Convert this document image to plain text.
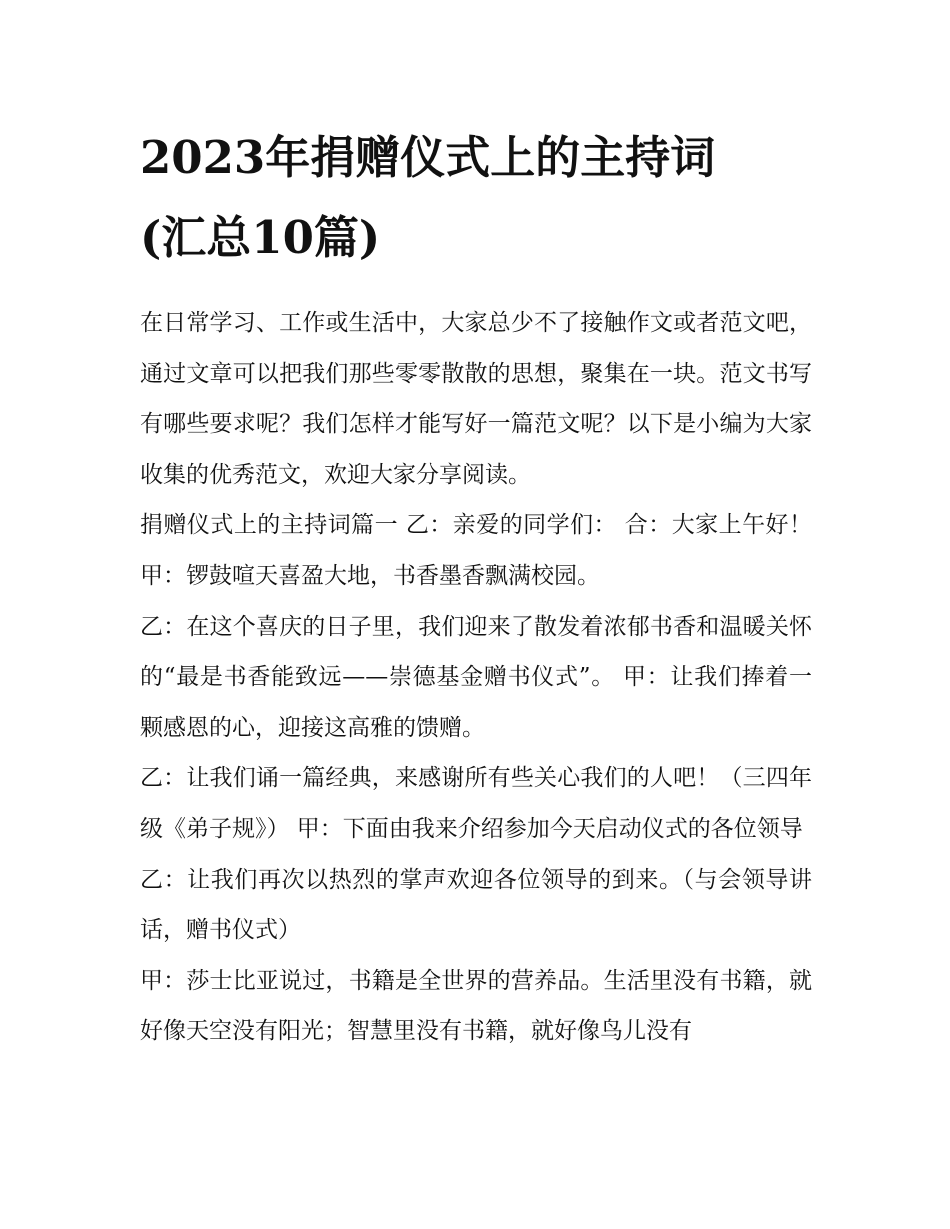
2023年捐赠仪式上的主持词
(汇总10篇)

在日常学习、工作或生活中，大家总少不了接触作文或者范文吧，通过文章可以把我们那些零零散散的思想，聚集在一块。范文书写有哪些要求呢？我们怎样才能写好一篇范文呢？以下是小编为大家收集的优秀范文，欢迎大家分享阅读。

捐赠仪式上的主持词篇一 乙：亲爱的同学们： 合：大家上午好！ 甲：锣鼓喧天喜盈大地，书香墨香飘满校园。

乙：在这个喜庆的日子里，我们迎来了散发着浓郁书香和温暖关怀的“最是书香能致远——崇德基金赠书仪式”。 甲：让我们捧着一颗感恩的心，迎接这高雅的馈赠。

乙：让我们诵一篇经典，来感谢所有些关心我们的人吧！（三四年级《弟子规》） 甲：下面由我来介绍参加今天启动仪式的各位领导

乙：让我们再次以热烈的掌声欢迎各位领导的到来。（与会领导讲话，赠书仪式）

甲：莎士比亚说过，书籍是全世界的营养品。生活里没有书籍，就好像天空没有阳光；智慧里没有书籍，就好像鸟儿没有
